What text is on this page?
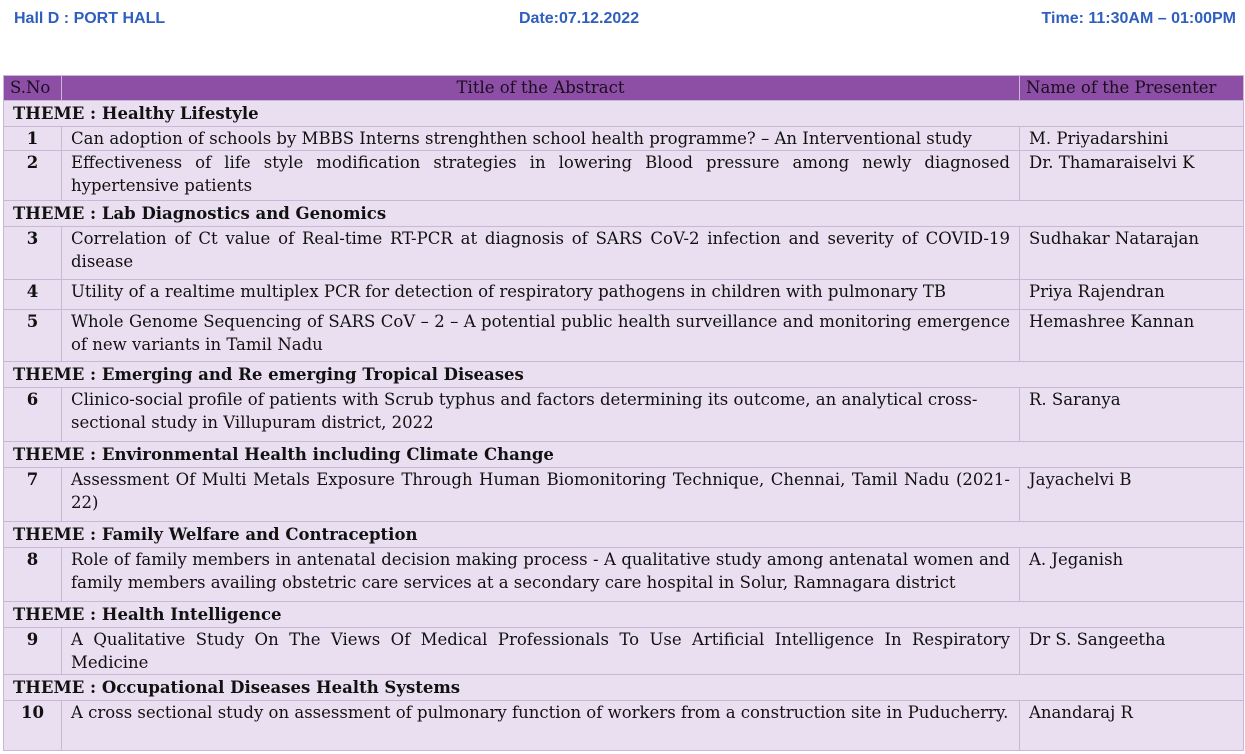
Hall D : PORT HALL	Date:07.12.2022	Time: 11:30AM – 01:00PM
S.No	Title of the Abstract	Name of the Presenter
THEME : Healthy Lifestyle		
1	Can adoption of schools by MBBS Interns strenghthen school health programme? – An Interventional study	M. Priyadarshini
2	Effectiveness of life style modification strategies in lowering Blood pressure among newly diagnosed hypertensive patients	Dr. Thamaraiselvi K
THEME : Lab Diagnostics and Genomics		
3	Correlation of Ct value of Real-time RT-PCR at diagnosis of SARS CoV-2 infection and severity of COVID-19 disease	Sudhakar Natarajan
4	Utility of a realtime multiplex PCR for detection of respiratory pathogens in children with pulmonary TB	Priya Rajendran
5	Whole Genome Sequencing of SARS CoV – 2 – A potential public health surveillance and monitoring emergence of new variants in Tamil Nadu	Hemashree Kannan
THEME : Emerging and Re emerging Tropical Diseases		
6	Clinico-social profile of patients with Scrub typhus and factors determining its outcome, an analytical cross-sectional study in Villupuram district, 2022	R. Saranya
THEME : Environmental Health including Climate Change		
7	Assessment Of Multi Metals Exposure Through Human Biomonitoring Technique, Chennai, Tamil Nadu (2021-22)	Jayachelvi B
THEME : Family Welfare and Contraception		
8	Role of family members in antenatal decision making process - A qualitative study among antenatal women and family members availing obstetric care services at a secondary care hospital in Solur, Ramnagara district	A. Jeganish
THEME : Health Intelligence		
9	A Qualitative Study On The Views Of Medical Professionals To Use Artificial Intelligence In Respiratory Medicine	Dr S. Sangeetha
THEME : Occupational Diseases Health Systems		
10	A cross sectional study on assessment of pulmonary function of workers from a construction site in Puducherry.	Anandaraj R
